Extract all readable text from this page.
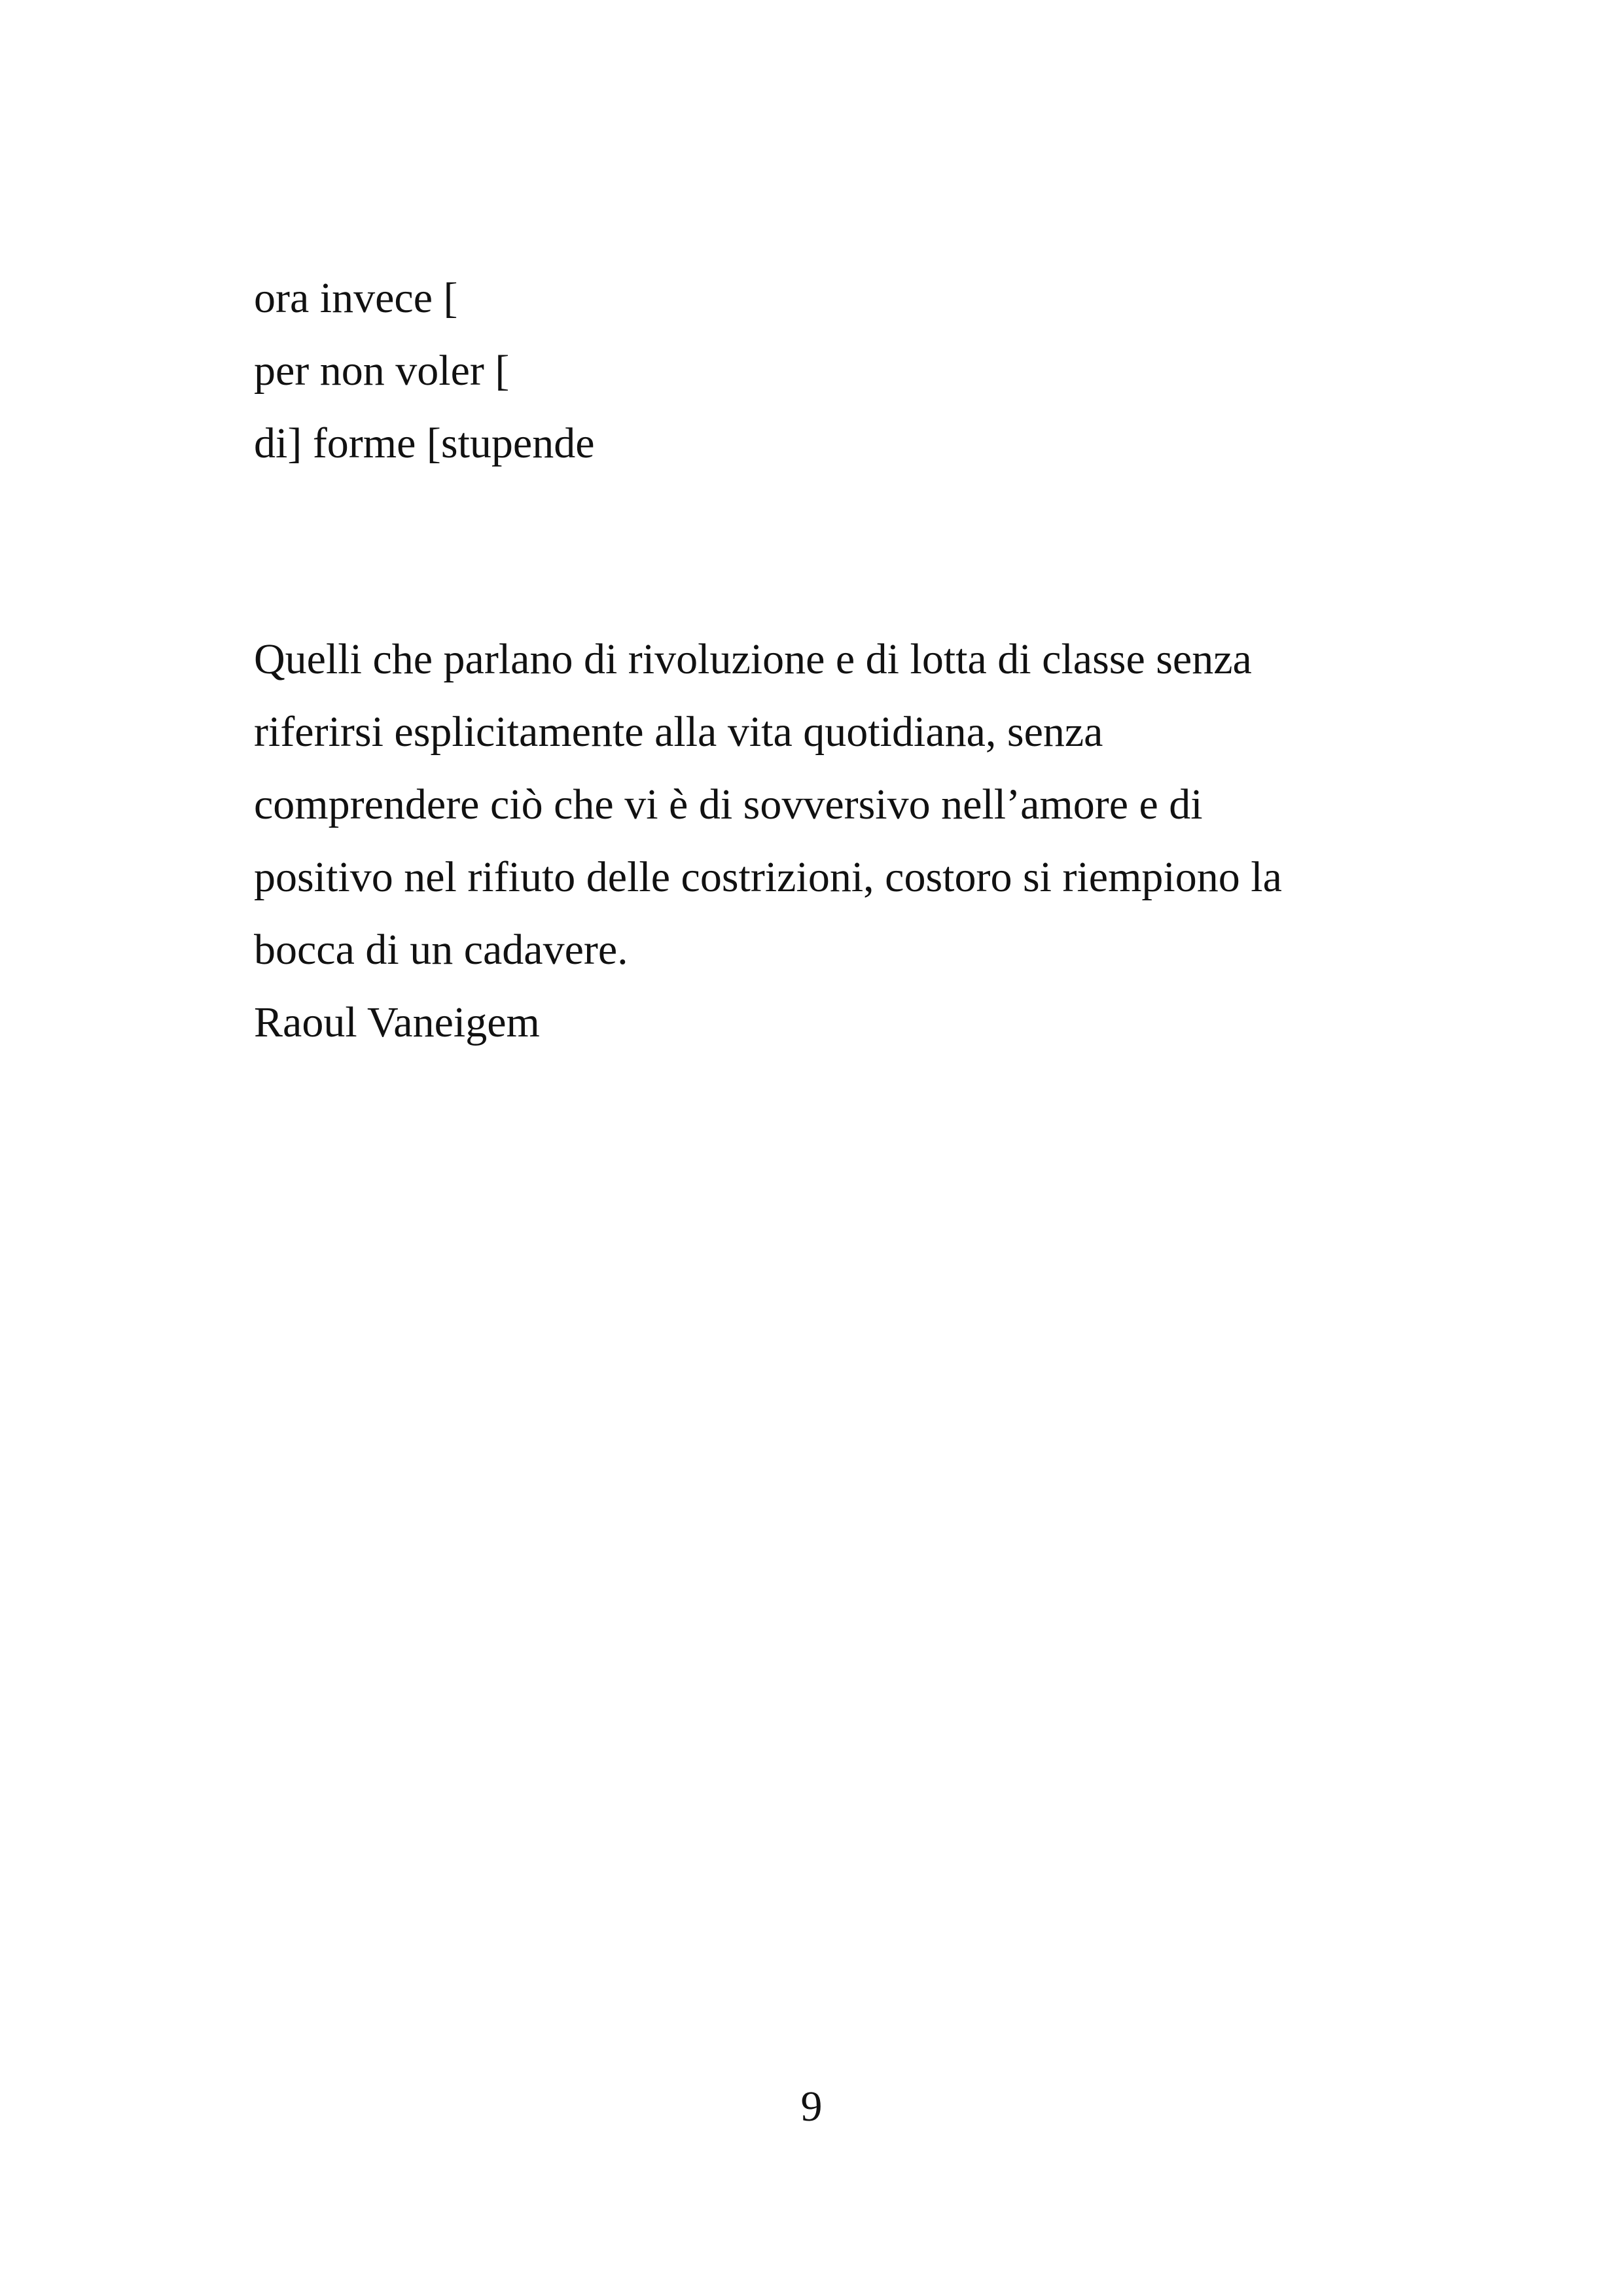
ora invece [
per non voler [
di] forme [stupende
Quelli che parlano di rivoluzione e di lotta di classe senza
riferirsi esplicitamente alla vita quotidiana, senza
comprendere ciò che vi è di sovversivo nell’amore e di
positivo nel rifiuto delle costrizioni, costoro si riempiono la
bocca di un cadavere.
Raoul Vaneigem
9
